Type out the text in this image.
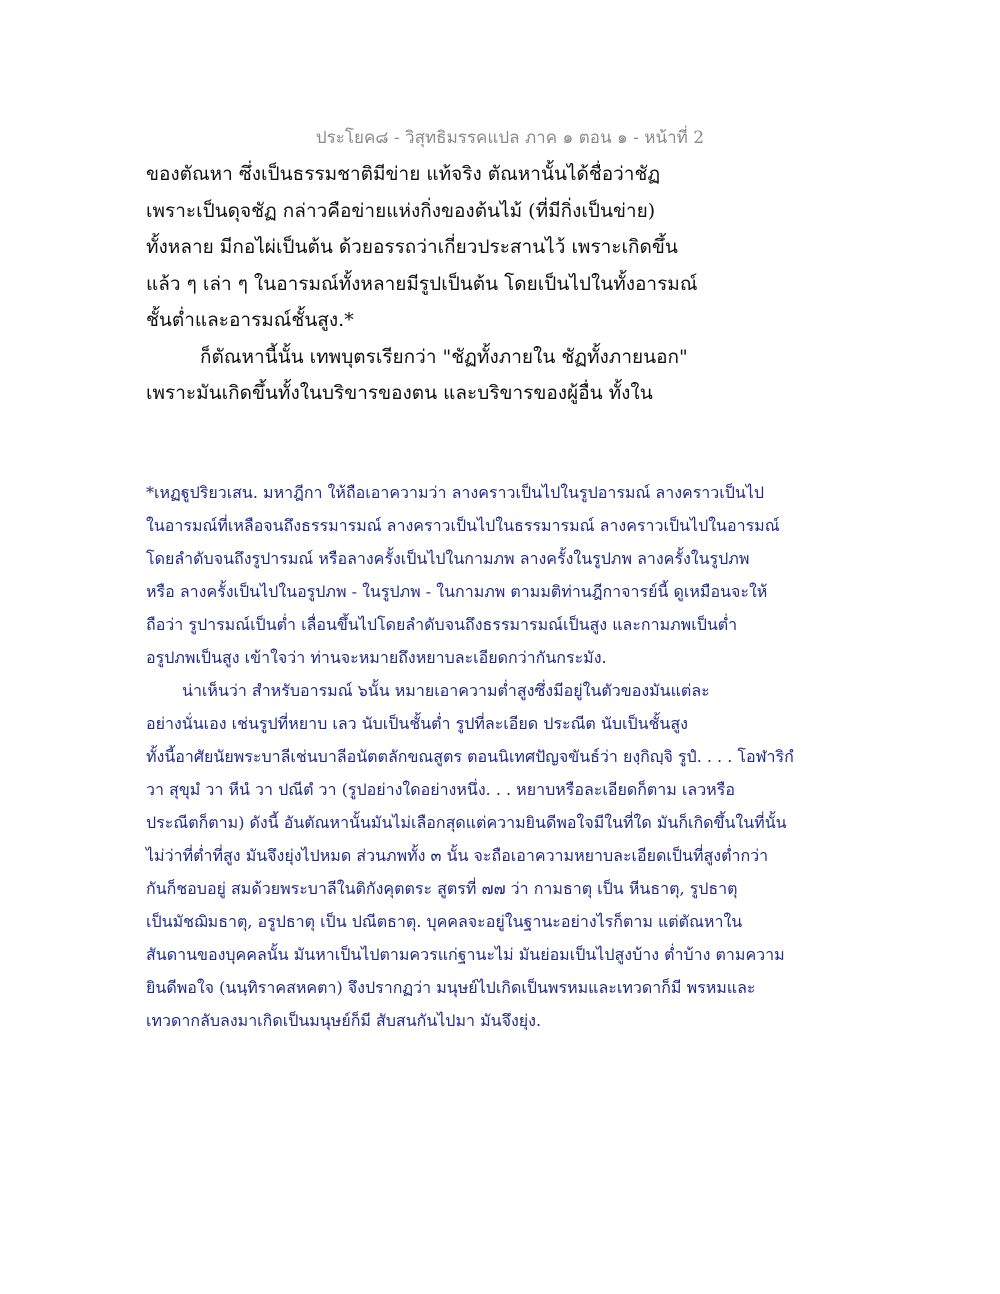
ประโยค๘ - วิสุทธิมรรคแปล ภาค ๑ ตอน ๑ - หน้าที่ 2
ของตัณหา ซึ่งเป็นธรรมชาติมีข่าย แท้จริง ตัณหานั้นได้ชื่อว่าชัฏ
เพราะเป็นดุจชัฏ กล่าวคือข่ายแห่งกิ่งของต้นไม้ (ที่มีกิ่งเป็นข่าย)
ทั้งหลาย มีกอไผ่เป็นต้น ด้วยอรรถว่าเกี่ยวประสานไว้ เพราะเกิดขึ้น
แล้ว ๆ เล่า ๆ ในอารมณ์ทั้งหลายมีรูปเป็นต้น โดยเป็นไปในทั้งอารมณ์
ชั้นต่ำและอารมณ์ชั้นสูง.*
ก็ตัณหานี้นั้น เทพบุตรเรียกว่า "ชัฏทั้งภายใน ชัฏทั้งภายนอก"
เพราะมันเกิดขึ้นทั้งในบริขารของตน และบริขารของผู้อื่น ทั้งใน
*เหฏฐูปริยวเสน. มหาฎีกา ให้ถือเอาความว่า ลางคราวเป็นไปในรูปอารมณ์ ลางคราวเป็นไป
ในอารมณ์ที่เหลือจนถึงธรรมารมณ์ ลางคราวเป็นไปในธรรมารมณ์ ลางคราวเป็นไปในอารมณ์
โดยลำดับจนถึงรูปารมณ์ หรือลางครั้งเป็นไปในกามภพ ลางครั้งในรูปภพ ลางครั้งในรูปภพ
หรือ ลางครั้งเป็นไปในอรูปภพ - ในรูปภพ - ในกามภพ ตามมติท่านฎีกาจารย์นี้ ดูเหมือนจะให้
ถือว่า รูปารมณ์เป็นต่ำ เลื่อนขึ้นไปโดยลำดับจนถึงธรรมารมณ์เป็นสูง และกามภพเป็นต่ำ
อรูปภพเป็นสูง เข้าใจว่า ท่านจะหมายถึงหยาบละเอียดกว่ากันกระมัง.
น่าเห็นว่า สำหรับอารมณ์ ๖นั้น หมายเอาความต่ำสูงซึ่งมีอยู่ในตัวของมันแต่ละ
อย่างนั่นเอง เช่นรูปที่หยาบ เลว นับเป็นชั้นต่ำ รูปที่ละเอียด ประณีต นับเป็นชั้นสูง
ทั้งนี้อาศัยนัยพระบาลีเช่นบาลีอนัตตลักขณสูตร ตอนนิเทศปัญจขันธ์ว่า ยงฺกิญฺจิ รูปํ. . . . โอฬาริกํ
วา สุขุมํ วา หีนํ วา ปณีตํ วา (รูปอย่างใดอย่างหนึ่ง. . . หยาบหรือละเอียดก็ตาม เลวหรือ
ประณีตก็ตาม) ดังนี้ อันตัณหานั้นมันไม่เลือกสุดแต่ความยินดีพอใจมีในที่ใด มันก็เกิดขึ้นในที่นั้น
ไม่ว่าที่ต่ำที่สูง มันจึงยุ่งไปหมด ส่วนภพทั้ง ๓ นั้น จะถือเอาความหยาบละเอียดเป็นที่สูงต่ำกว่า
กันก็ชอบอยู่ สมด้วยพระบาลีในติกังคุตตระ สูตรที่ ๗๗ ว่า กามธาตุ เป็น หีนธาตุ, รูปธาตุ
เป็นมัชฌิมธาตุ, อรูปธาตุ เป็น ปณีตธาตุ. บุคคลจะอยู่ในฐานะอย่างไรก็ตาม แต่ตัณหาใน
สันดานของบุคคลนั้น มันหาเป็นไปตามควรแก่ฐานะไม่ มันย่อมเป็นไปสูงบ้าง ต่ำบ้าง ตามความ
ยินดีพอใจ (นนฺทิราคสหคตา) จึงปรากฏว่า มนุษย์ไปเกิดเป็นพรหมและเทวดาก็มี พรหมและ
เทวดากลับลงมาเกิดเป็นมนุษย์ก็มี สับสนกันไปมา มันจึงยุ่ง.
